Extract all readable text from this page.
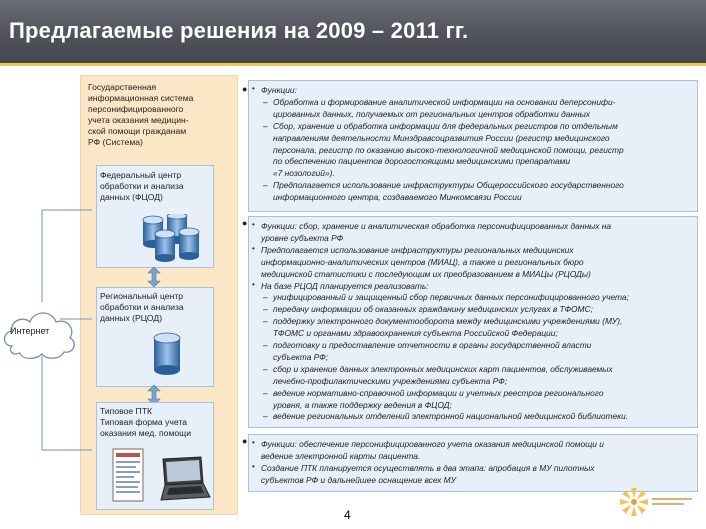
Предлагаемые решения на 2009 – 2011 гг.
Государственная
информационная система
персонифицированного
учета оказания медицин-
ской помощи гражданам
РФ (Система)
Интернет
Федеральный центр
обработки и анализа
данных (ФЦОД)
Региональный центр
обработки и анализа
данных (РЦОД)
Типовое ПТК
Типовая форма учета
оказания мед. помощи
●
●
●
• Функции:
– Обработка и формирование аналитической информации на основании деперсонифи-
цированных данных, получаемых от региональных центров обработки данных
– Сбор, хранение и обработка информации для федеральных регистров по отдельным
направлениям деятельности Минздравсоцразвития России (регистр медицинского
персонала, регистр по оказанию высоко-технологичной медицинской помощи, регистр
по обеспечению пациентов дорогостоящими медицинскими препаратами
«7 нозологий»).
– Предполагается использование инфраструктуры Общероссийского государственного
информационного центра, создаваемого Минкомсвязи России
• Функции: сбор, хранение и аналитическая обработка персонифицированных данных на
уровне субъекта РФ
• Предполагается использование инфраструктуры региональных медицинских
информационно-аналитических центров (МИАЦ), а также и региональных бюро
медицинской статистики с последующим их преобразованием в МИАЦы (РЦОДы)
• На базе РЦОД планируется реализовать:
– унифицированный и защищенный сбор первичных данных персонифицированного учета;
– передачу информации об оказанных гражданину медицинских услугах в ТФОМС;
– поддержку электронного документооборота между медицинскими учреждениями (МУ),
ТФОМС и органами здравоохранения субъекта Российской Федерации;
– подготовку и предоставление отчетности в органы государственной власти
субъекта РФ;
– сбор и хранение данных электронных медицинских карт пациентов, обслуживаемых
лечебно-профилактическими учреждениями субъекта РФ;
– ведение нормативно-справочной информации и учетных реестров регионального
уровня, а также поддержку ведения в ФЦОД;
– ведение региональных отделений электронной национальной медицинской библиотеки.
• Функции: обеспечение персонифицированного учета оказания медицинской помощи и
ведение электронной карты пациента.
• Создание ПТК планируется осуществлять в два этапа: апробация в МУ пилотных
субъектов РФ и дальнейшее оснащение всех МУ
4
